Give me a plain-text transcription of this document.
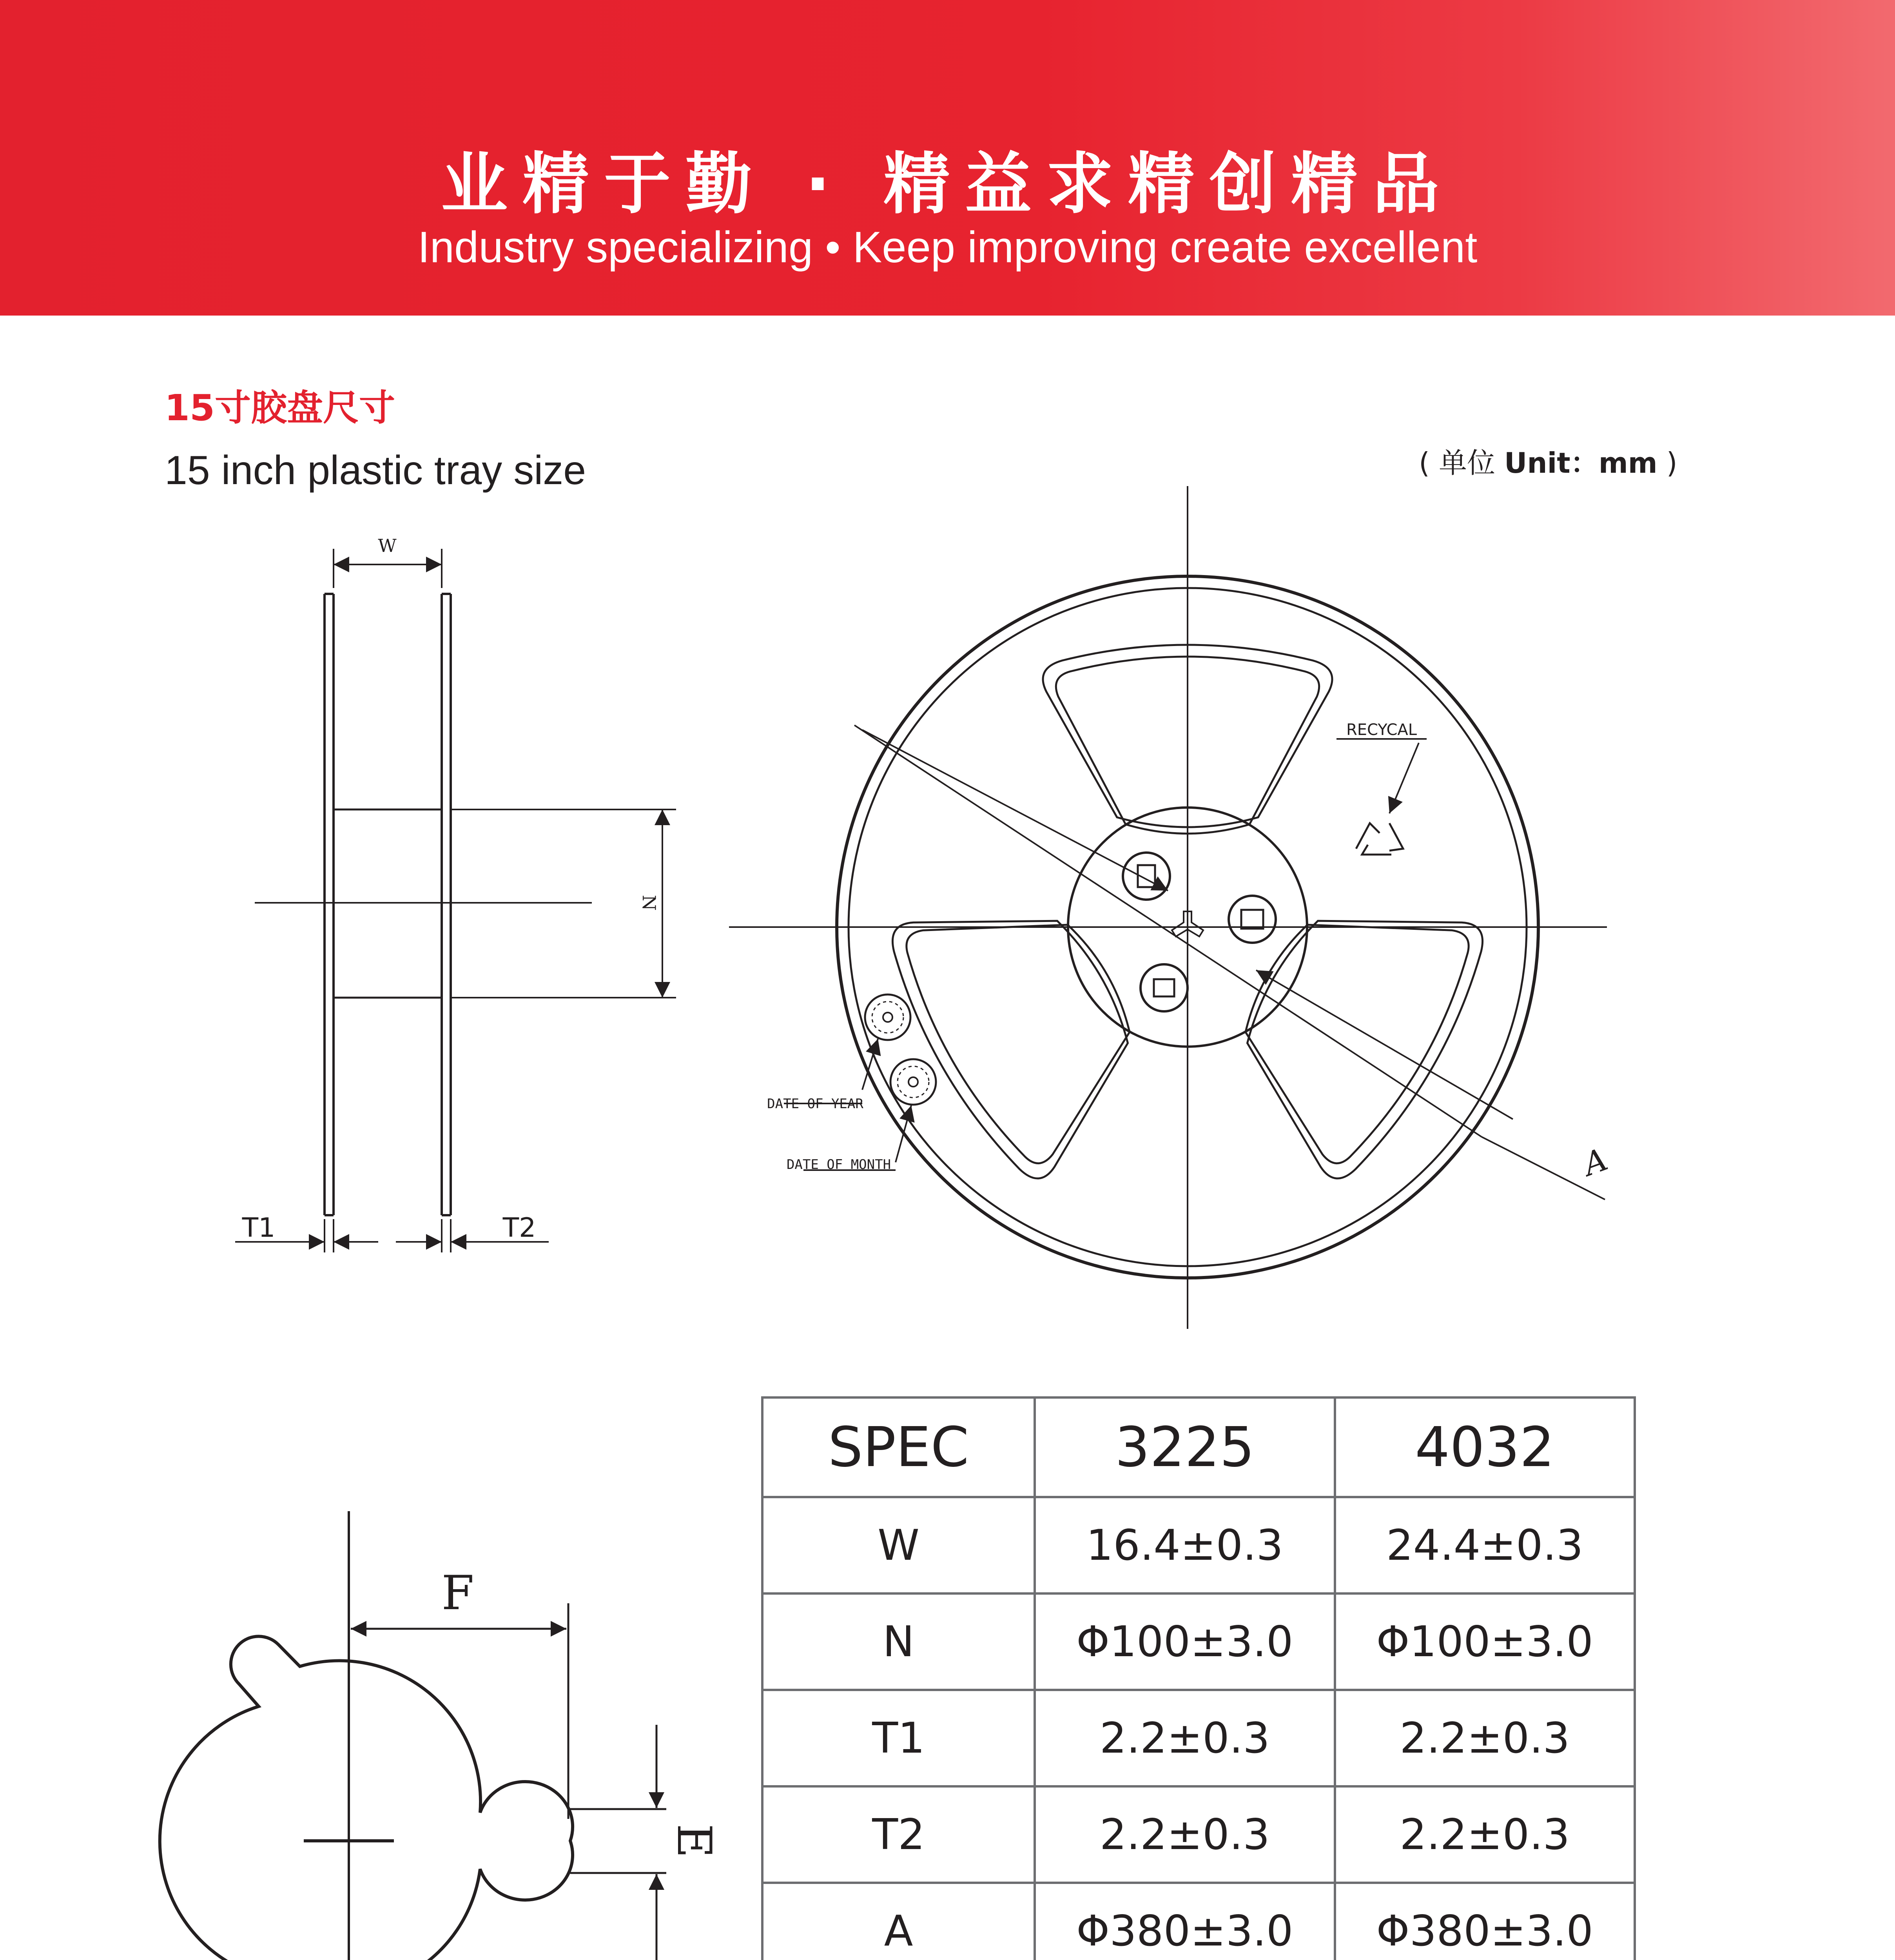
业精于勤 · 精益求精创精品
Industry specializing • Keep improving create excellent
15寸胶盘尺寸
15 inch plastic tray size	( 单位 Unit：mm )
W
N
T1	T2
RECYCAL
DATE OF YEAR
DATE OF MONTH	A
F
E
SPEC	3225	4032
W	16.4±0.3	24.4±0.3
N	Φ100±3.0	Φ100±3.0
T1	2.2±0.3	2.2±0.3
T2	2.2±0.3	2.2±0.3
A	Φ380±3.0	Φ380±3.0
